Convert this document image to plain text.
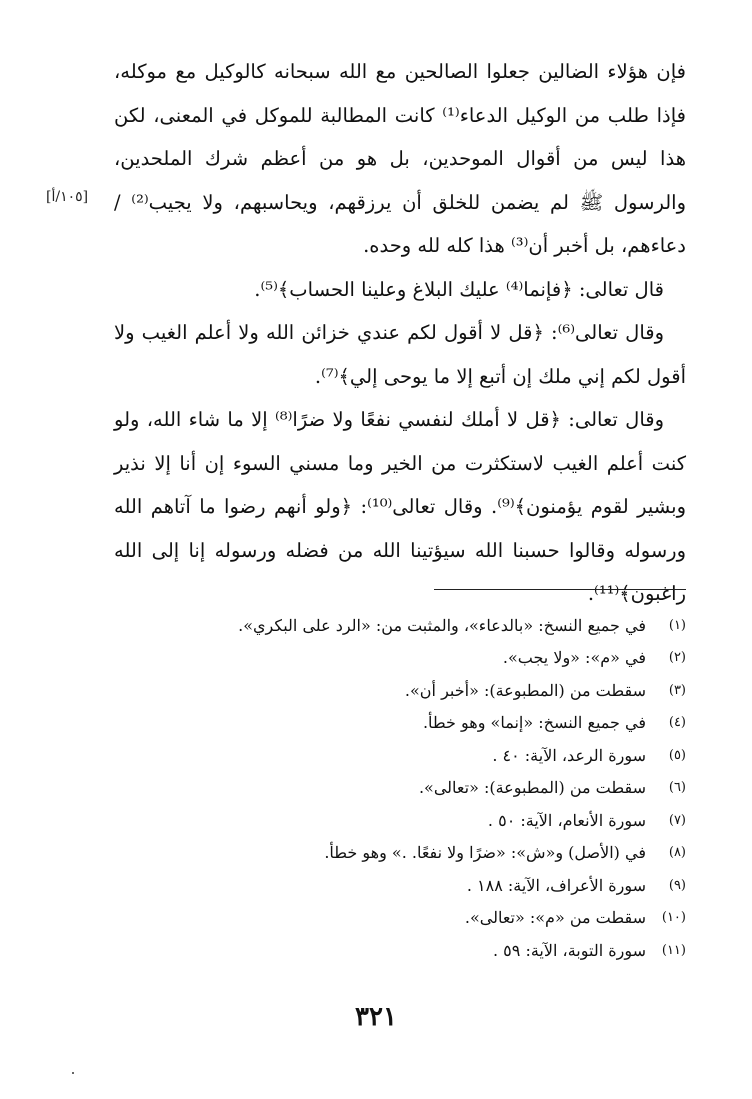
[١٠٥/أ]

فإن هؤلاء الضالين جعلوا الصالحين مع الله سبحانه كالوكيل مع موكله، فإذا طلب من الوكيل الدعاء⁽¹⁾ كانت المطالبة للموكل في المعنى، لكن هذا ليس من أقوال الموحدين، بل هو من أعظم شرك الملحدين، والرسول ﷺ لم يضمن للخلق أن يرزقهم، ويحاسبهم، ولا يجيب⁽²⁾ / دعاءهم، بل أخبر أن⁽³⁾ هذا كله لله وحده.

قال تعالى: ﴿فإنما⁽⁴⁾ عليك البلاغ وعلينا الحساب﴾⁽⁵⁾.

وقال تعالى⁽⁶⁾: ﴿قل لا أقول لكم عندي خزائن الله ولا أعلم الغيب ولا أقول لكم إني ملك إن أتبع إلا ما يوحى إلي﴾⁽⁷⁾.

وقال تعالى: ﴿قل لا أملك لنفسي نفعًا ولا ضرًا⁽⁸⁾ إلا ما شاء الله، ولو كنت أعلم الغيب لاستكثرت من الخير وما مسني السوء إن أنا إلا نذير وبشير لقوم يؤمنون﴾⁽⁹⁾. وقال تعالى⁽¹⁰⁾: ﴿ولو أنهم رضوا ما آتاهم الله ورسوله وقالوا حسبنا الله سيؤتينا الله من فضله ورسوله إنا إلى الله راغبون﴾⁽¹¹⁾.

(١)
في جميع النسخ: «بالدعاء»، والمثبت من: «الرد على البكري».
(٢)
في «م»: «ولا يجب».
(٣)
سقطت من (المطبوعة): «أخبر أن».
(٤)
في جميع النسخ: «إنما» وهو خطأ.
(٥)
سورة الرعد، الآية: ٤٠ .
(٦)
سقطت من (المطبوعة): «تعالى».
(٧)
سورة الأنعام، الآية: ٥٠ .
(٨)
في (الأصل) و«ش»: «ضرًا ولا نفعًا. .» وهو خطأ.
(٩)
سورة الأعراف، الآية: ١٨٨ .
(١٠)
سقطت من «م»: «تعالى».
(١١)
سورة التوبة، الآية: ٥٩ .
٣٢١
